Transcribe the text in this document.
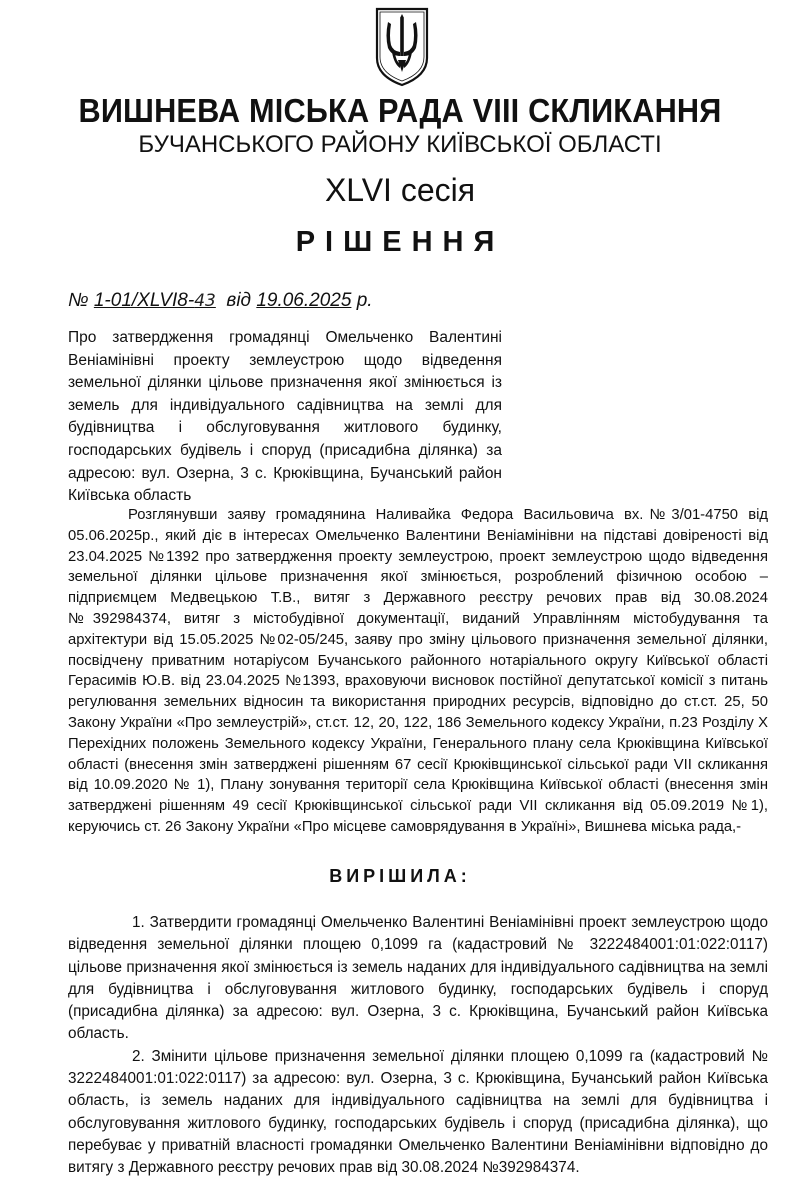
ВИШНЕВА МІСЬКА РАДА VIII СКЛИКАННЯ
БУЧАНСЬКОГО РАЙОНУ КИЇВСЬКОЇ ОБЛАСТІ
XLVI сесія
РІШЕННЯ
№ 1-01/XLVI8-43 від 19.06.2025 р.
Про затвердження громадянці Омельченко Валентині Веніамінівні проекту землеустрою щодо відведення земельної ділянки цільове призначення якої змінюється із земель для індивідуального садівництва на землі для будівництва і обслуговування житлового будинку, господарських будівель і споруд (присадибна ділянка) за адресою: вул. Озерна, 3 с. Крюківщина, Бучанський район Київська область

Розглянувши заяву громадянина Наливайка Федора Васильовича вх.№3/01-4750 від 05.06.2025р., який діє в інтересах Омельченко Валентини Веніамінівни на підставі довіреності від 23.04.2025 №1392 про затвердження проекту землеустрою, проект землеустрою щодо відведення земельної ділянки цільове призначення якої змінюється, розроблений фізичною особою – підприємцем Медвецькою Т.В., витяг з Державного реєстру речових прав від 30.08.2024 №392984374, витяг з містобудівної документації, виданий Управлінням містобудування та архітектури від 15.05.2025 №02-05/245, заяву про зміну цільового призначення земельної ділянки, посвідчену приватним нотаріусом Бучанського районного нотаріального округу Київської області Герасимів Ю.В. від 23.04.2025 №1393, враховуючи висновок постійної депутатської комісії з питань регулювання земельних відносин та використання природних ресурсів, відповідно до ст.ст. 25, 50 Закону України «Про землеустрій», ст.ст. 12, 20, 122, 186 Земельного кодексу України, п.23 Розділу X Перехідних положень Земельного кодексу України, Генерального плану села Крюківщина Київської області (внесення змін затверджені рішенням 67 сесії Крюківщинської сільської ради VII скликання від 10.09.2020 № 1), Плану зонування території села Крюківщина Київської області (внесення змін затверджені рішенням 49 сесії Крюківщинської сільської ради VII скликання від 05.09.2019 №1), керуючись ст. 26 Закону України «Про місцеве самоврядування в Україні», Вишнева міська рада,-

ВИРІШИЛА:

1. Затвердити громадянці Омельченко Валентині Веніамінівні проект землеустрою щодо відведення земельної ділянки площею 0,1099 га (кадастровий № 3222484001:01:022:0117) цільове призначення якої змінюється із земель наданих для індивідуального садівництва на землі для будівництва і обслуговування житлового будинку, господарських будівель і споруд (присадибна ділянка) за адресою: вул. Озерна, 3 с. Крюківщина, Бучанський район Київська область.

2. Змінити цільове призначення земельної ділянки площею 0,1099 га (кадастровий № 3222484001:01:022:0117) за адресою: вул. Озерна, 3 с. Крюківщина, Бучанський район Київська область, із земель наданих для індивідуального садівництва на землі для будівництва і обслуговування житлового будинку, господарських будівель і споруд (присадибна ділянка), що перебуває у приватній власності громадянки Омельченко Валентини Веніамінівни відповідно до витягу з Державного реєстру речових прав від 30.08.2024 №392984374.
